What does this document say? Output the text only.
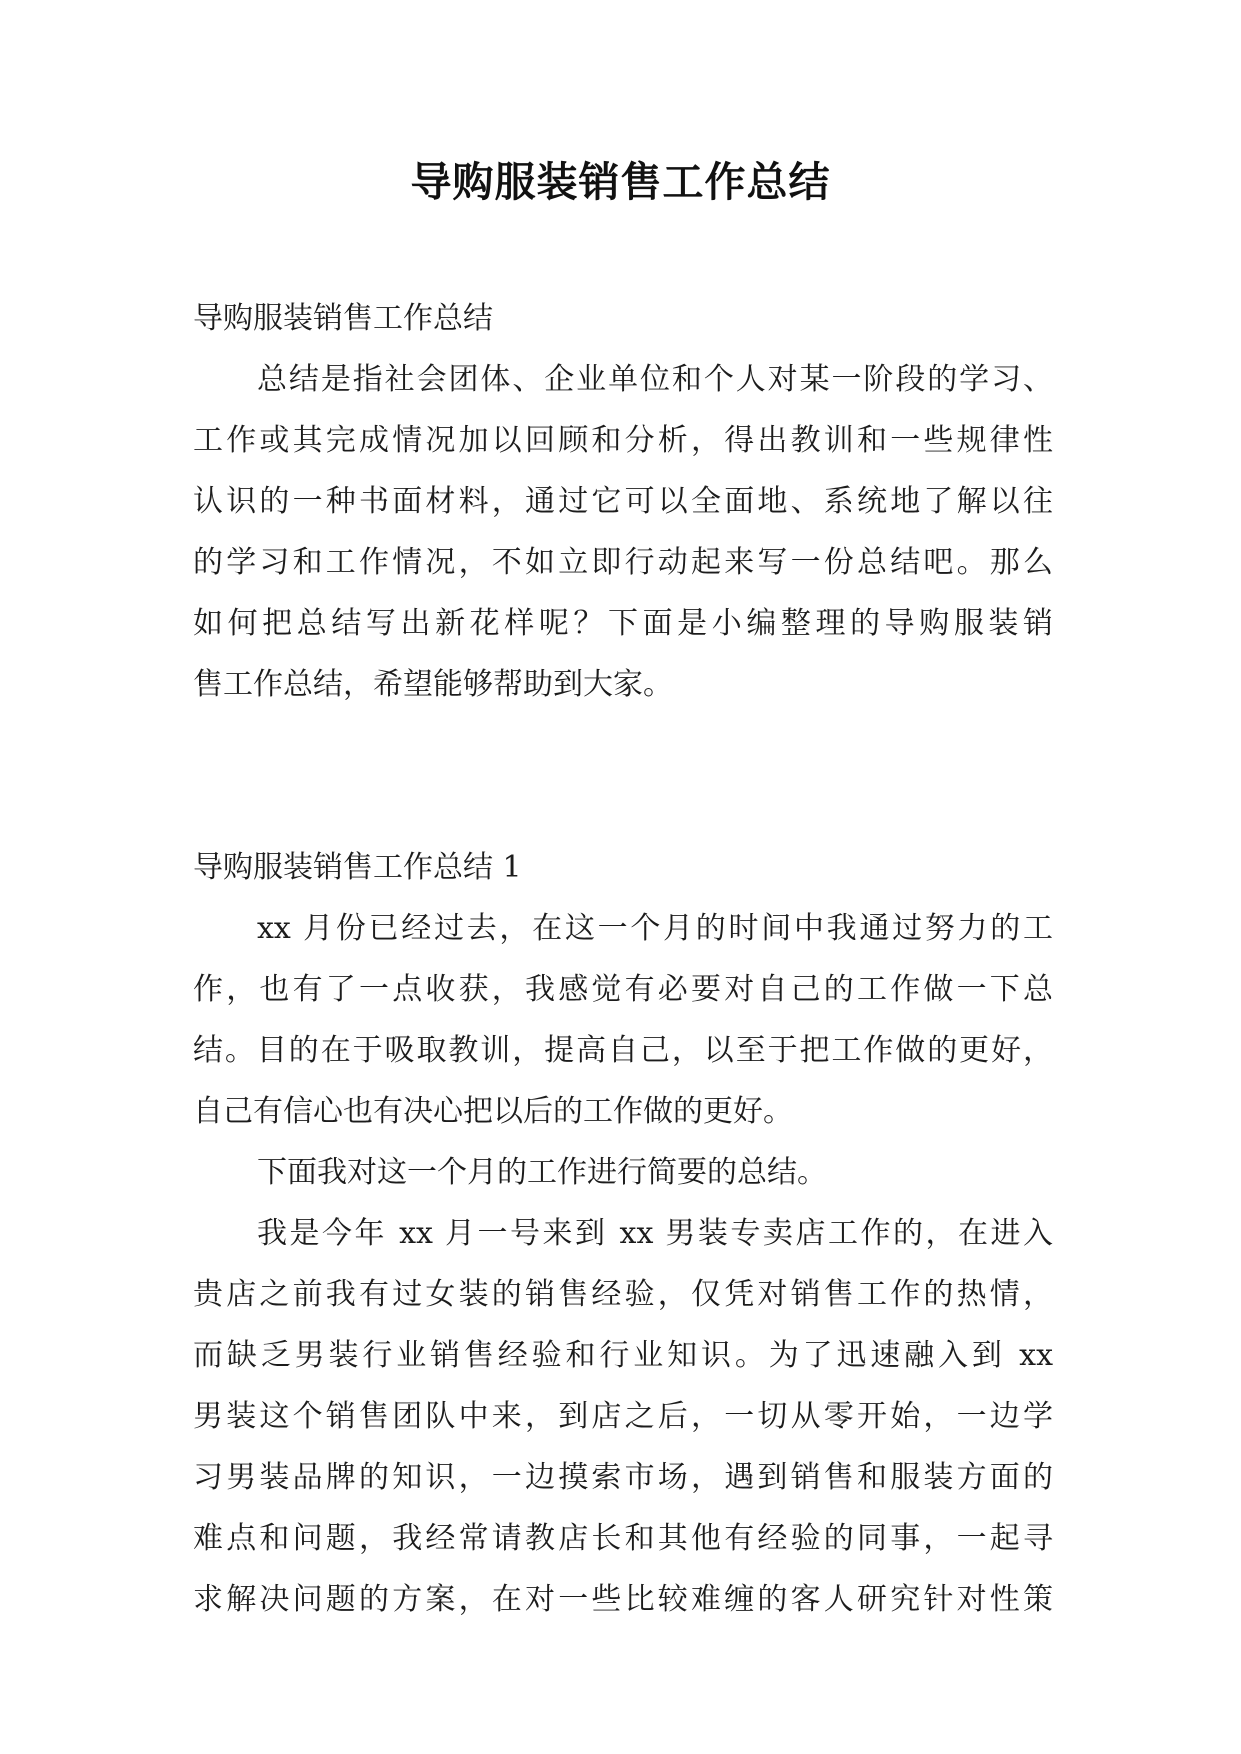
导购服装销售工作总结
导购服装销售工作总结
总结是指社会团体、企业单位和个人对某一阶段的学习、
工作或其完成情况加以回顾和分析，得出教训和一些规律性
认识的一种书面材料，通过它可以全面地、系统地了解以往
的学习和工作情况，不如立即行动起来写一份总结吧。那么
如何把总结写出新花样呢？下面是小编整理的导购服装销
售工作总结，希望能够帮助到大家。
导购服装销售工作总结 1
xx 月份已经过去，在这一个月的时间中我通过努力的工
作，也有了一点收获，我感觉有必要对自己的工作做一下总
结。目的在于吸取教训，提高自己，以至于把工作做的更好，
自己有信心也有决心把以后的工作做的更好。
下面我对这一个月的工作进行简要的总结。
我是今年 xx 月一号来到 xx 男装专卖店工作的，在进入
贵店之前我有过女装的销售经验，仅凭对销售工作的热情，
而缺乏男装行业销售经验和行业知识。为了迅速融入到 xx
男装这个销售团队中来，到店之后，一切从零开始，一边学
习男装品牌的知识，一边摸索市场，遇到销售和服装方面的
难点和问题，我经常请教店长和其他有经验的同事，一起寻
求解决问题的方案，在对一些比较难缠的客人研究针对性策
